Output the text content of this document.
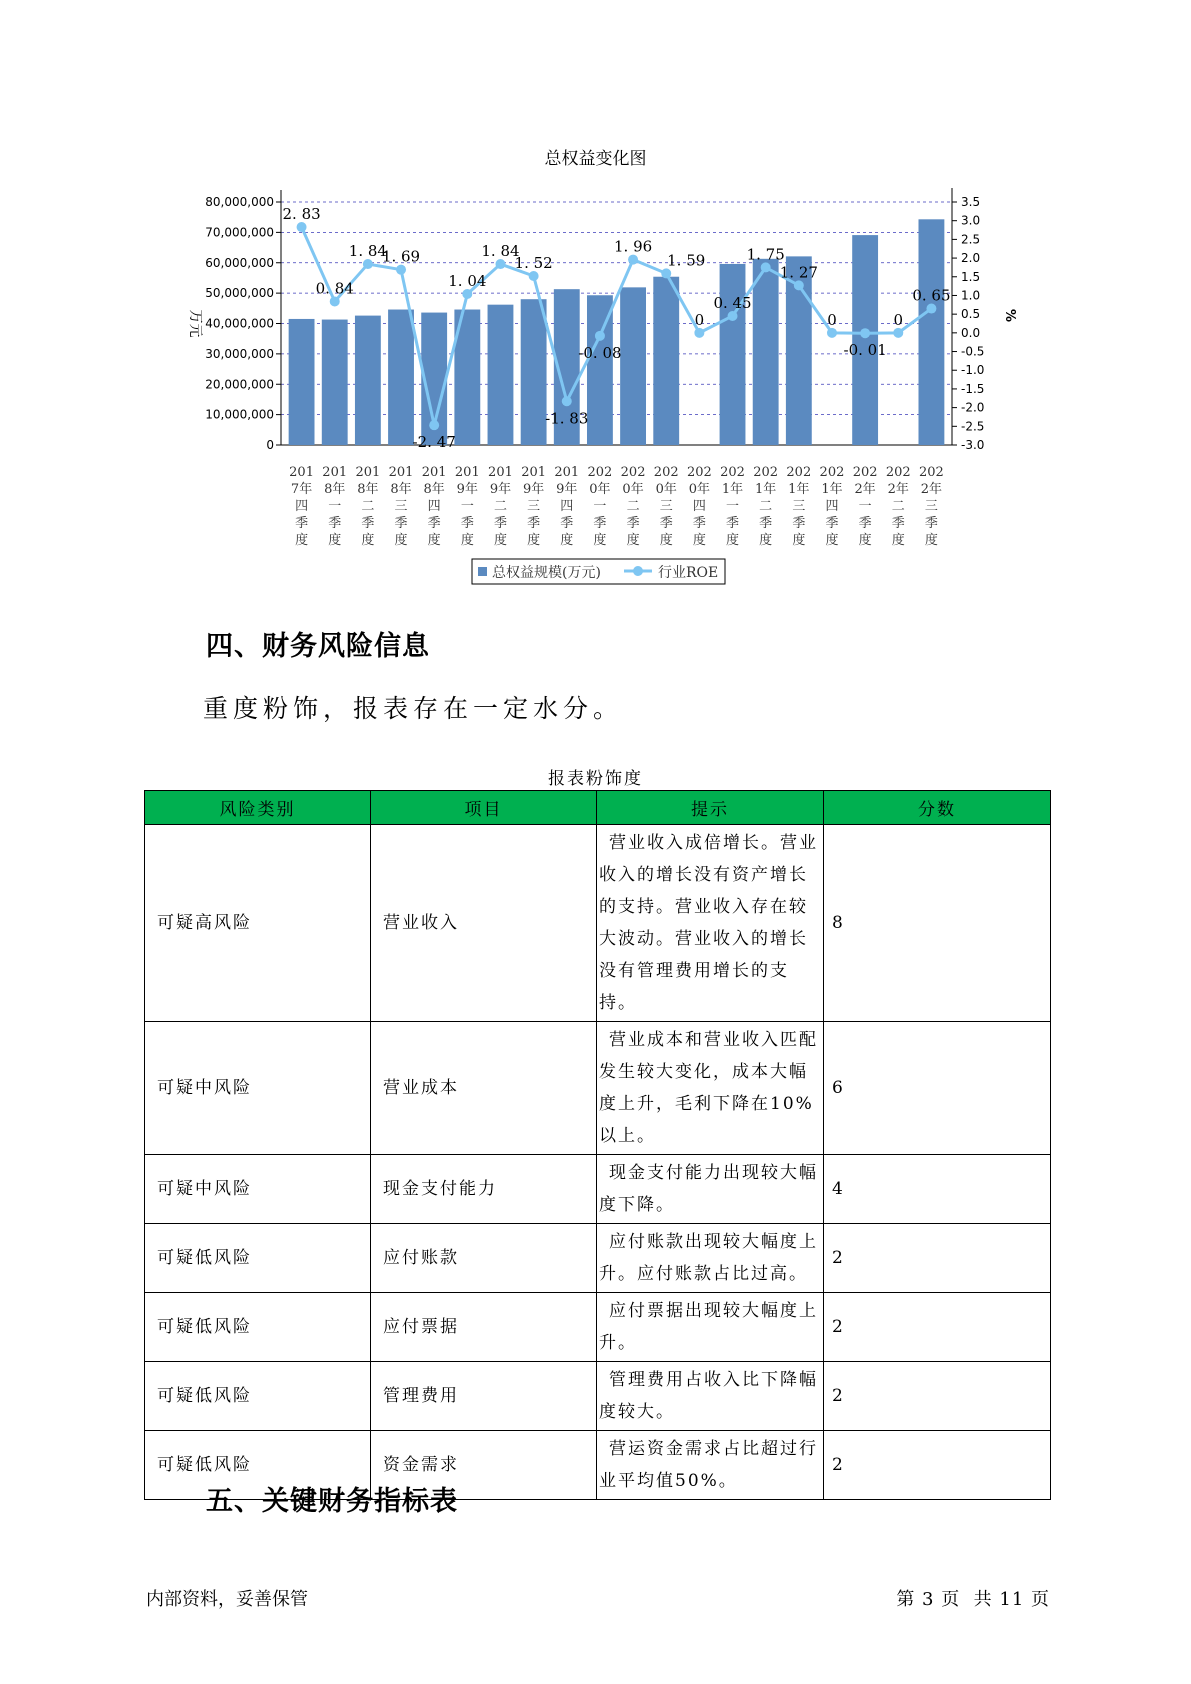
总权益变化图
80,000,000
70,000,000
60,000,000
50,000,000
40,000,000
30,000,000
20,000,000
10,000,000
0
3.5
3.0
2.5
2.0
1.5
1.0
0.5
0.0
-0.5
-1.0
-1.5
-2.0
-2.5
-3.0
万元	%
201
7年
四
季
度
201
8年
一
季
度
201
8年
二
季
度
201
8年
三
季
度
201
8年
四
季
度
201
9年
一
季
度
201
9年
二
季
度
201
9年
三
季
度
201
9年
四
季
度
202
0年
一
季
度
202
0年
二
季
度
202
0年
三
季
度
202
0年
四
季
度
202
1年
一
季
度
202
1年
二
季
度
202
1年
三
季
度
202
1年
四
季
度
202
2年
一
季
度
202
2年
二
季
度
202
2年
三
季
度
2. 83
0. 84
1. 84
1. 69
-2. 47
1. 04
1. 84
1. 52
-1. 83
-0. 08
1. 96
1. 59
0
0. 45
1. 75
1. 27
0
-0. 01
0
0. 65
总权益规模(万元)	行业ROE
四、财务风险信息
重度粉饰，报表存在一定水分。
报表粉饰度
风险类别	项目	提示	分数
可疑高风险	营业收入	营业收入成倍增长。营业收入的增长没有资产增长的支持。营业收入存在较大波动。营业收入的增长没有管理费用增长的支持。	8
可疑中风险	营业成本	营业成本和营业收入匹配发生较大变化，成本大幅度上升，毛利下降在10%以上。	6
可疑中风险	现金支付能力	现金支付能力出现较大幅度下降。	4
可疑低风险	应付账款	应付账款出现较大幅度上升。应付账款占比过高。	2
可疑低风险	应付票据	应付票据出现较大幅度上升。	2
可疑低风险	管理费用	管理费用占收入比下降幅度较大。	2
可疑低风险	资金需求	营运资金需求占比超过行业平均值50%。	2
五、关键财务指标表
内部资料，妥善保管	第 3 页  共 11 页
